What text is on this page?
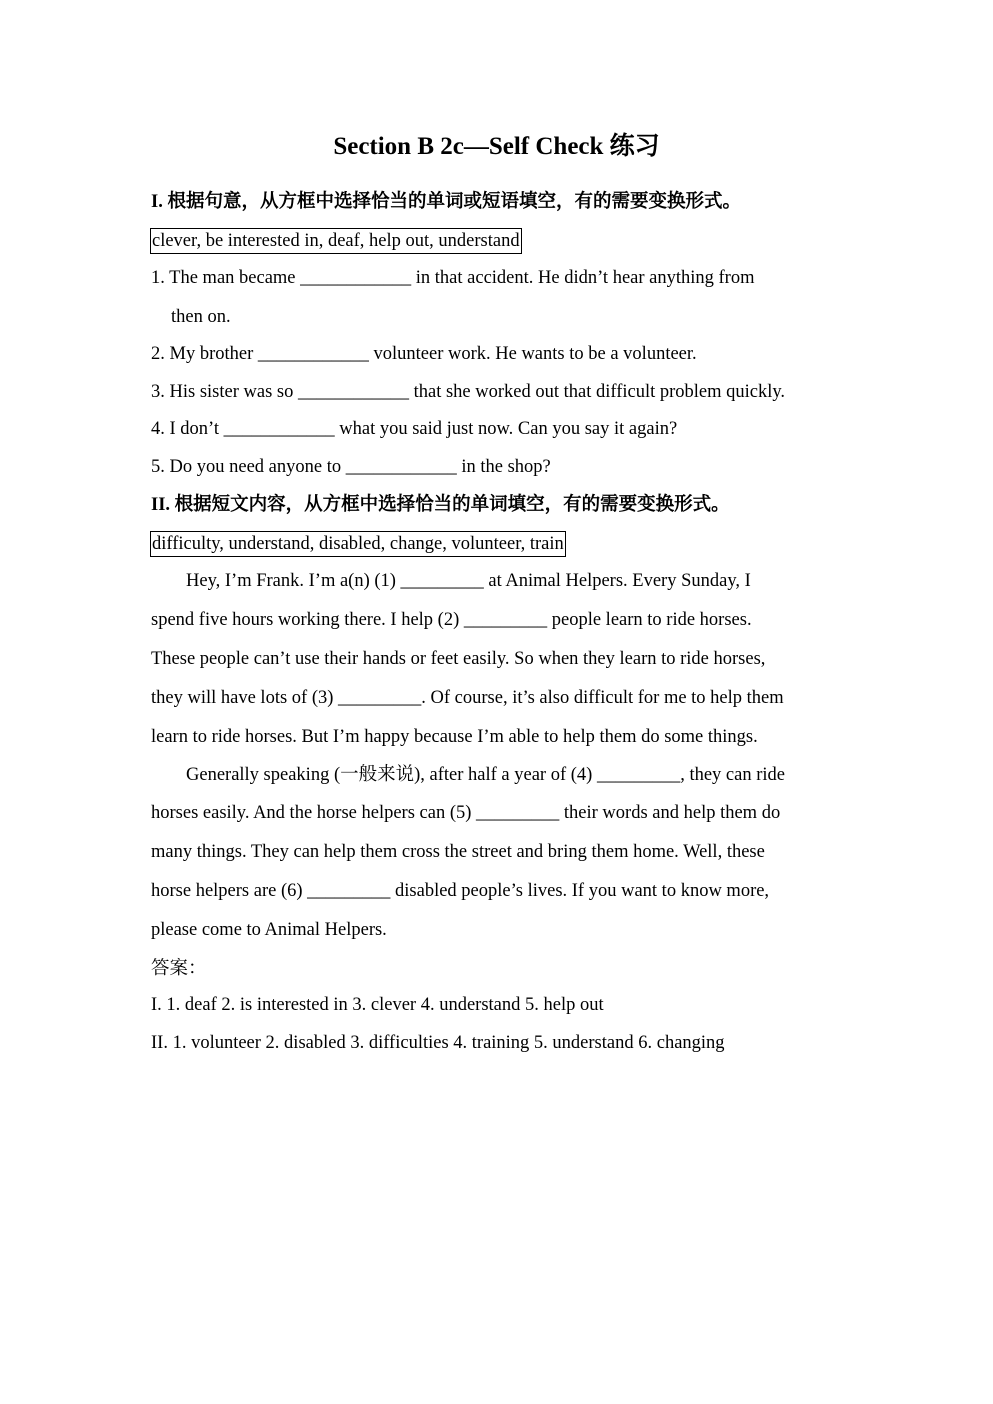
Section B 2c—Self Check 练习
I. 根据句意，从方框中选择恰当的单词或短语填空，有的需要变换形式。
clever, be interested in, deaf, help out, understand
1. The man became ____________ in that accident. He didn’t hear anything from
then on.
2. My brother ____________ volunteer work. He wants to be a volunteer.
3. His sister was so ____________ that she worked out that difficult problem quickly.
4. I don’t ____________ what you said just now. Can you say it again?
5. Do you need anyone to ____________ in the shop?
II. 根据短文内容，从方框中选择恰当的单词填空，有的需要变换形式。
difficulty, understand, disabled, change, volunteer, train
Hey, I’m Frank. I’m a(n) (1) _________ at Animal Helpers. Every Sunday, I
spend five hours working there. I help (2) _________ people learn to ride horses.
These people can’t use their hands or feet easily. So when they learn to ride horses,
they will have lots of (3) _________. Of course, it’s also difficult for me to help them
learn to ride horses. But I’m happy because I’m able to help them do some things.
Generally speaking (一般来说), after half a year of (4) _________, they can ride
horses easily. And the horse helpers can (5) _________ their words and help them do
many things. They can help them cross the street and bring them home. Well, these
horse helpers are (6) _________ disabled people’s lives. If you want to know more,
please come to Animal Helpers.
答案：
I. 1. deaf 2. is interested in 3. clever 4. understand 5. help out
II. 1. volunteer 2. disabled 3. difficulties 4. training 5. understand 6. changing
